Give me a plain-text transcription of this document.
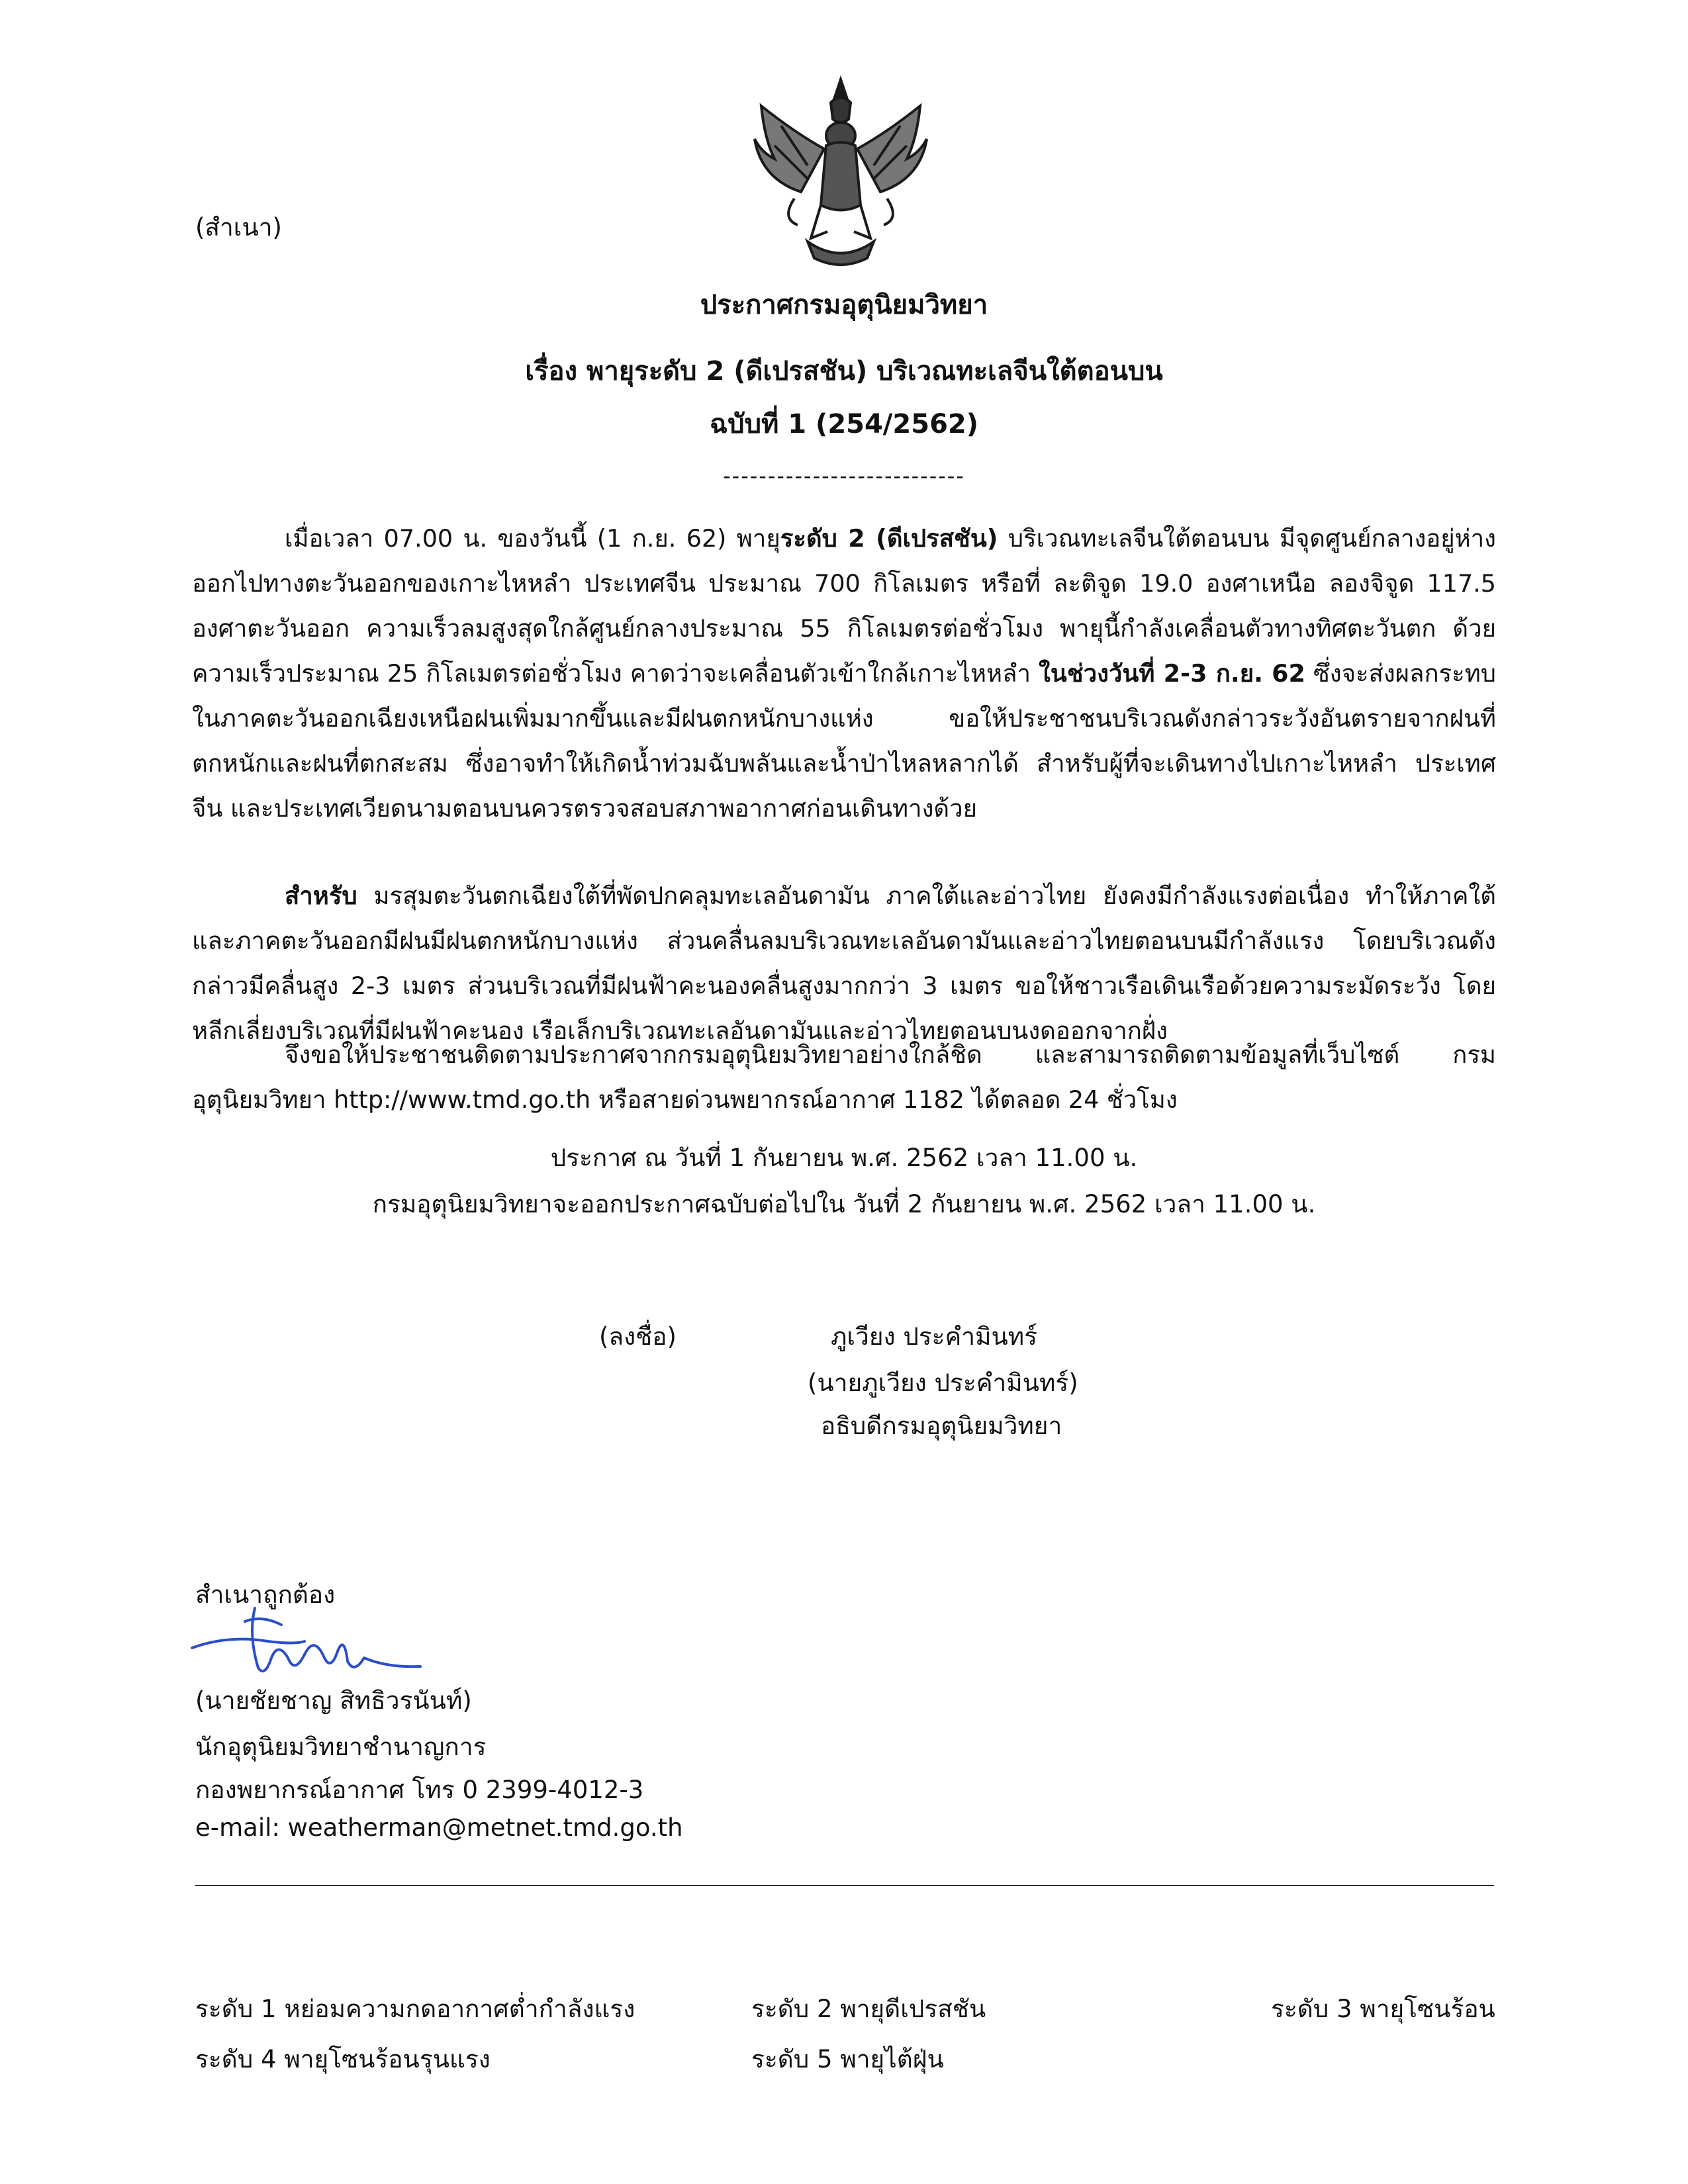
(สำเนา)
ประกาศกรมอุตุนิยมวิทยา
เรื่อง พายุระดับ 2 (ดีเปรสชัน) บริเวณทะเลจีนใต้ตอนบน
ฉบับที่ 1 (254/2562)
---------------------------
เมื่อเวลา 07.00 น. ของวันนี้ (1 ก.ย. 62) พายุระดับ 2 (ดีเปรสชัน) บริเวณทะเลจีนใต้ตอนบน มีจุดศูนย์กลางอยู่ห่างออกไปทางตะวันออกของเกาะไหหลำ ประเทศจีน ประมาณ 700 กิโลเมตร หรือที่ ละติจูด 19.0 องศาเหนือ ลองจิจูด 117.5 องศาตะวันออก ความเร็วลมสูงสุดใกล้ศูนย์กลางประมาณ 55 กิโลเมตรต่อชั่วโมง พายุนี้กำลังเคลื่อนตัวทางทิศตะวันตก ด้วยความเร็วประมาณ 25 กิโลเมตรต่อชั่วโมง คาดว่าจะเคลื่อนตัวเข้าใกล้เกาะไหหลำ ในช่วงวันที่ 2-3 ก.ย. 62 ซึ่งจะส่งผลกระทบในภาคตะวันออกเฉียงเหนือฝนเพิ่มมากขึ้นและมีฝนตกหนักบางแห่ง ขอให้ประชาชนบริเวณดังกล่าวระวังอันตรายจากฝนที่ตกหนักและฝนที่ตกสะสม ซึ่งอาจทำให้เกิดน้ำท่วมฉับพลันและน้ำป่าไหลหลากได้ สำหรับผู้ที่จะเดินทางไปเกาะไหหลำ ประเทศจีน และประเทศเวียดนามตอนบนควรตรวจสอบสภาพอากาศก่อนเดินทางด้วย
สำหรับ มรสุมตะวันตกเฉียงใต้ที่พัดปกคลุมทะเลอันดามัน ภาคใต้และอ่าวไทย ยังคงมีกำลังแรงต่อเนื่อง ทำให้ภาคใต้และภาคตะวันออกมีฝนมีฝนตกหนักบางแห่ง ส่วนคลื่นลมบริเวณทะเลอันดามันและอ่าวไทยตอนบนมีกำลังแรง โดยบริเวณดังกล่าวมีคลื่นสูง 2-3 เมตร ส่วนบริเวณที่มีฝนฟ้าคะนองคลื่นสูงมากกว่า 3 เมตร ขอให้ชาวเรือเดินเรือด้วยความระมัดระวัง โดยหลีกเลี่ยงบริเวณที่มีฝนฟ้าคะนอง เรือเล็กบริเวณทะเลอันดามันและอ่าวไทยตอนบนงดออกจากฝั่ง
จึงขอให้ประชาชนติดตามประกาศจากกรมอุตุนิยมวิทยาอย่างใกล้ชิด และสามารถติดตามข้อมูลที่เว็บไซต์ กรมอุตุนิยมวิทยา http://www.tmd.go.th หรือสายด่วนพยากรณ์อากาศ 1182 ได้ตลอด 24 ชั่วโมง
ประกาศ ณ วันที่ 1 กันยายน พ.ศ. 2562 เวลา 11.00 น.
กรมอุตุนิยมวิทยาจะออกประกาศฉบับต่อไปใน วันที่ 2 กันยายน พ.ศ. 2562 เวลา 11.00 น.
(ลงชื่อ)	ภูเวียง ประคำมินทร์
(นายภูเวียง ประคำมินทร์)
อธิบดีกรมอุตุนิยมวิทยา
สำเนาถูกต้อง
(นายชัยชาญ สิทธิวรนันท์)
นักอุตุนิยมวิทยาชำนาญการ
กองพยากรณ์อากาศ โทร 0 2399-4012-3
e-mail: weatherman@metnet.tmd.go.th
ระดับ 1 หย่อมความกดอากาศต่ำกำลังแรง	ระดับ 2 พายุดีเปรสชัน	ระดับ 3 พายุโซนร้อน
ระดับ 4 พายุโซนร้อนรุนแรง	ระดับ 5 พายุไต้ฝุ่น
